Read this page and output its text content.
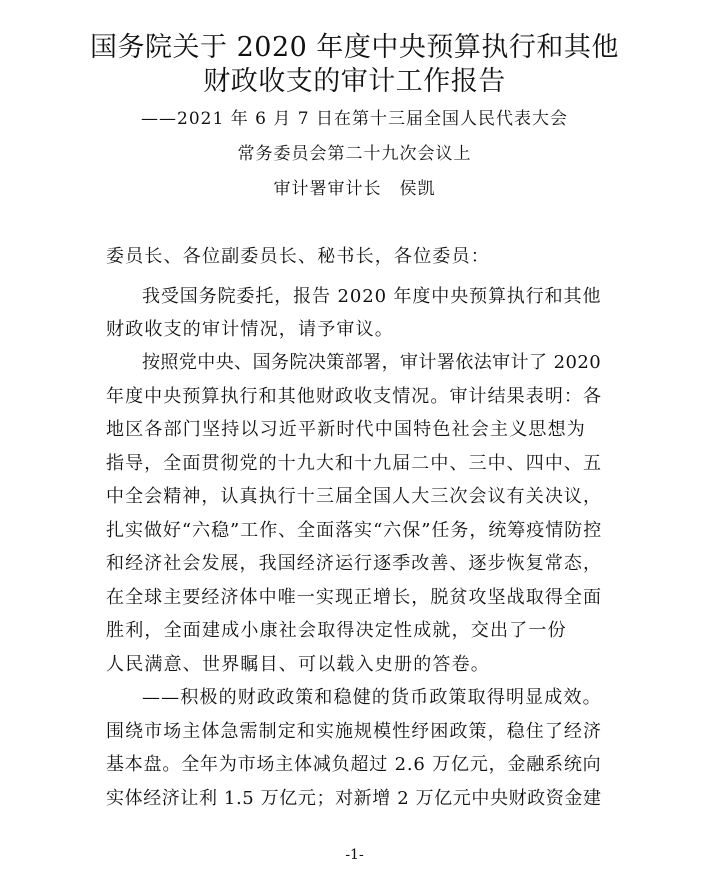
国务院关于 2020 年度中央预算执行和其他
财政收支的审计工作报告
——2021 年 6 月 7 日在第十三届全国人民代表大会
常务委员会第二十九次会议上
审计署审计长　侯凯
委员长、各位副委员长、秘书长，各位委员：
我受国务院委托，报告 2020 年度中央预算执行和其他
财政收支的审计情况，请予审议。
按照党中央、国务院决策部署，审计署依法审计了 2020
年度中央预算执行和其他财政收支情况。审计结果表明：各
地区各部门坚持以习近平新时代中国特色社会主义思想为
指导，全面贯彻党的十九大和十九届二中、三中、四中、五
中全会精神，认真执行十三届全国人大三次会议有关决议，
扎实做好“六稳”工作、全面落实“六保”任务，统筹疫情防控
和经济社会发展，我国经济运行逐季改善、逐步恢复常态，
在全球主要经济体中唯一实现正增长，脱贫攻坚战取得全面
胜利，全面建成小康社会取得决定性成就，交出了一份
人民满意、世界瞩目、可以载入史册的答卷。
——积极的财政政策和稳健的货币政策取得明显成效。
围绕市场主体急需制定和实施规模性纾困政策，稳住了经济
基本盘。全年为市场主体减负超过 2.6 万亿元，金融系统向
实体经济让利 1.5 万亿元；对新增 2 万亿元中央财政资金建
-1-
